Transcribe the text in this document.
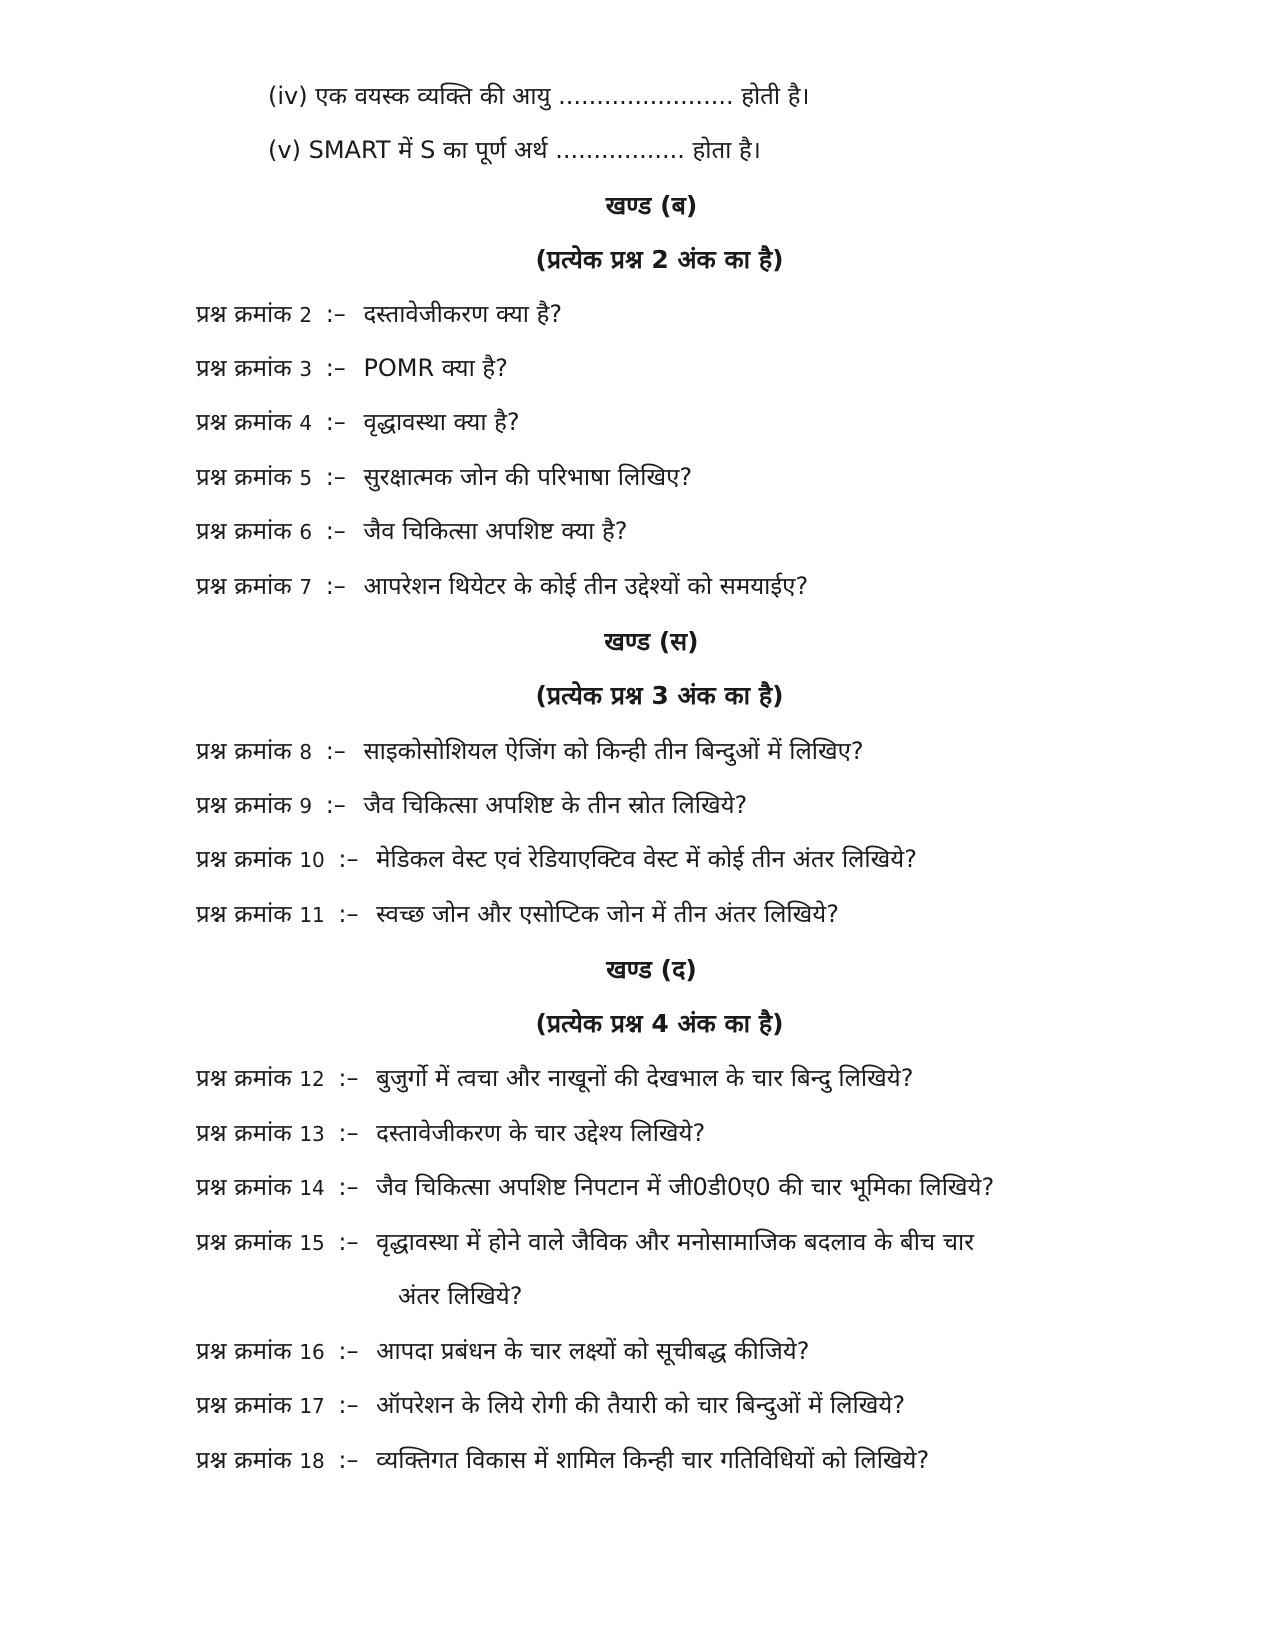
(iv) एक वयस्क व्यक्ति की आयु ....................... होती है।
(v) SMART में S का पूर्ण अर्थ ................. होता है।
खण्ड (ब)
(प्रत्येक प्रश्न 2 अंक का है)
प्रश्न क्रमांक 2 :– दस्तावेजीकरण क्या है?
प्रश्न क्रमांक 3 :– POMR क्या है?
प्रश्न क्रमांक 4 :– वृद्धावस्था क्या है?
प्रश्न क्रमांक 5 :– सुरक्षात्मक जोन की परिभाषा लिखिए?
प्रश्न क्रमांक 6 :– जैव चिकित्सा अपशिष्ट क्या है?
प्रश्न क्रमांक 7 :– आपरेशन थियेटर के कोई तीन उद्देश्यों को समयाईए?
खण्ड (स)
(प्रत्येक प्रश्न 3 अंक का है)
प्रश्न क्रमांक 8 :– साइकोसोशियल ऐजिंग को किन्ही तीन बिन्दुओं में लिखिए?
प्रश्न क्रमांक 9 :– जैव चिकित्सा अपशिष्ट के तीन स्रोत लिखिये?
प्रश्न क्रमांक 10 :– मेडिकल वेस्ट एवं रेडियाएक्टिव वेस्ट में कोई तीन अंतर लिखिये?
प्रश्न क्रमांक 11 :– स्वच्छ जोन और एसोप्टिक जोन में तीन अंतर लिखिये?
खण्ड (द)
(प्रत्येक प्रश्न 4 अंक का है)
प्रश्न क्रमांक 12 :– बुजुर्गो में त्वचा और नाखूनों की देखभाल के चार बिन्दु लिखिये?
प्रश्न क्रमांक 13 :– दस्तावेजीकरण के चार उद्देश्य लिखिये?
प्रश्न क्रमांक 14 :– जैव चिकित्सा अपशिष्ट निपटान में जी0डी0ए0 की चार भूमिका लिखिये?
प्रश्न क्रमांक 15 :– वृद्धावस्था में होने वाले जैविक और मनोसामाजिक बदलाव के बीच चार
अंतर लिखिये?
प्रश्न क्रमांक 16 :– आपदा प्रबंधन के चार लक्ष्यों को सूचीबद्ध कीजिये?
प्रश्न क्रमांक 17 :– ऑपरेशन के लिये रोगी की तैयारी को चार बिन्दुओं में लिखिये?
प्रश्न क्रमांक 18 :– व्यक्तिगत विकास में शामिल किन्ही चार गतिविधियों को लिखिये?
